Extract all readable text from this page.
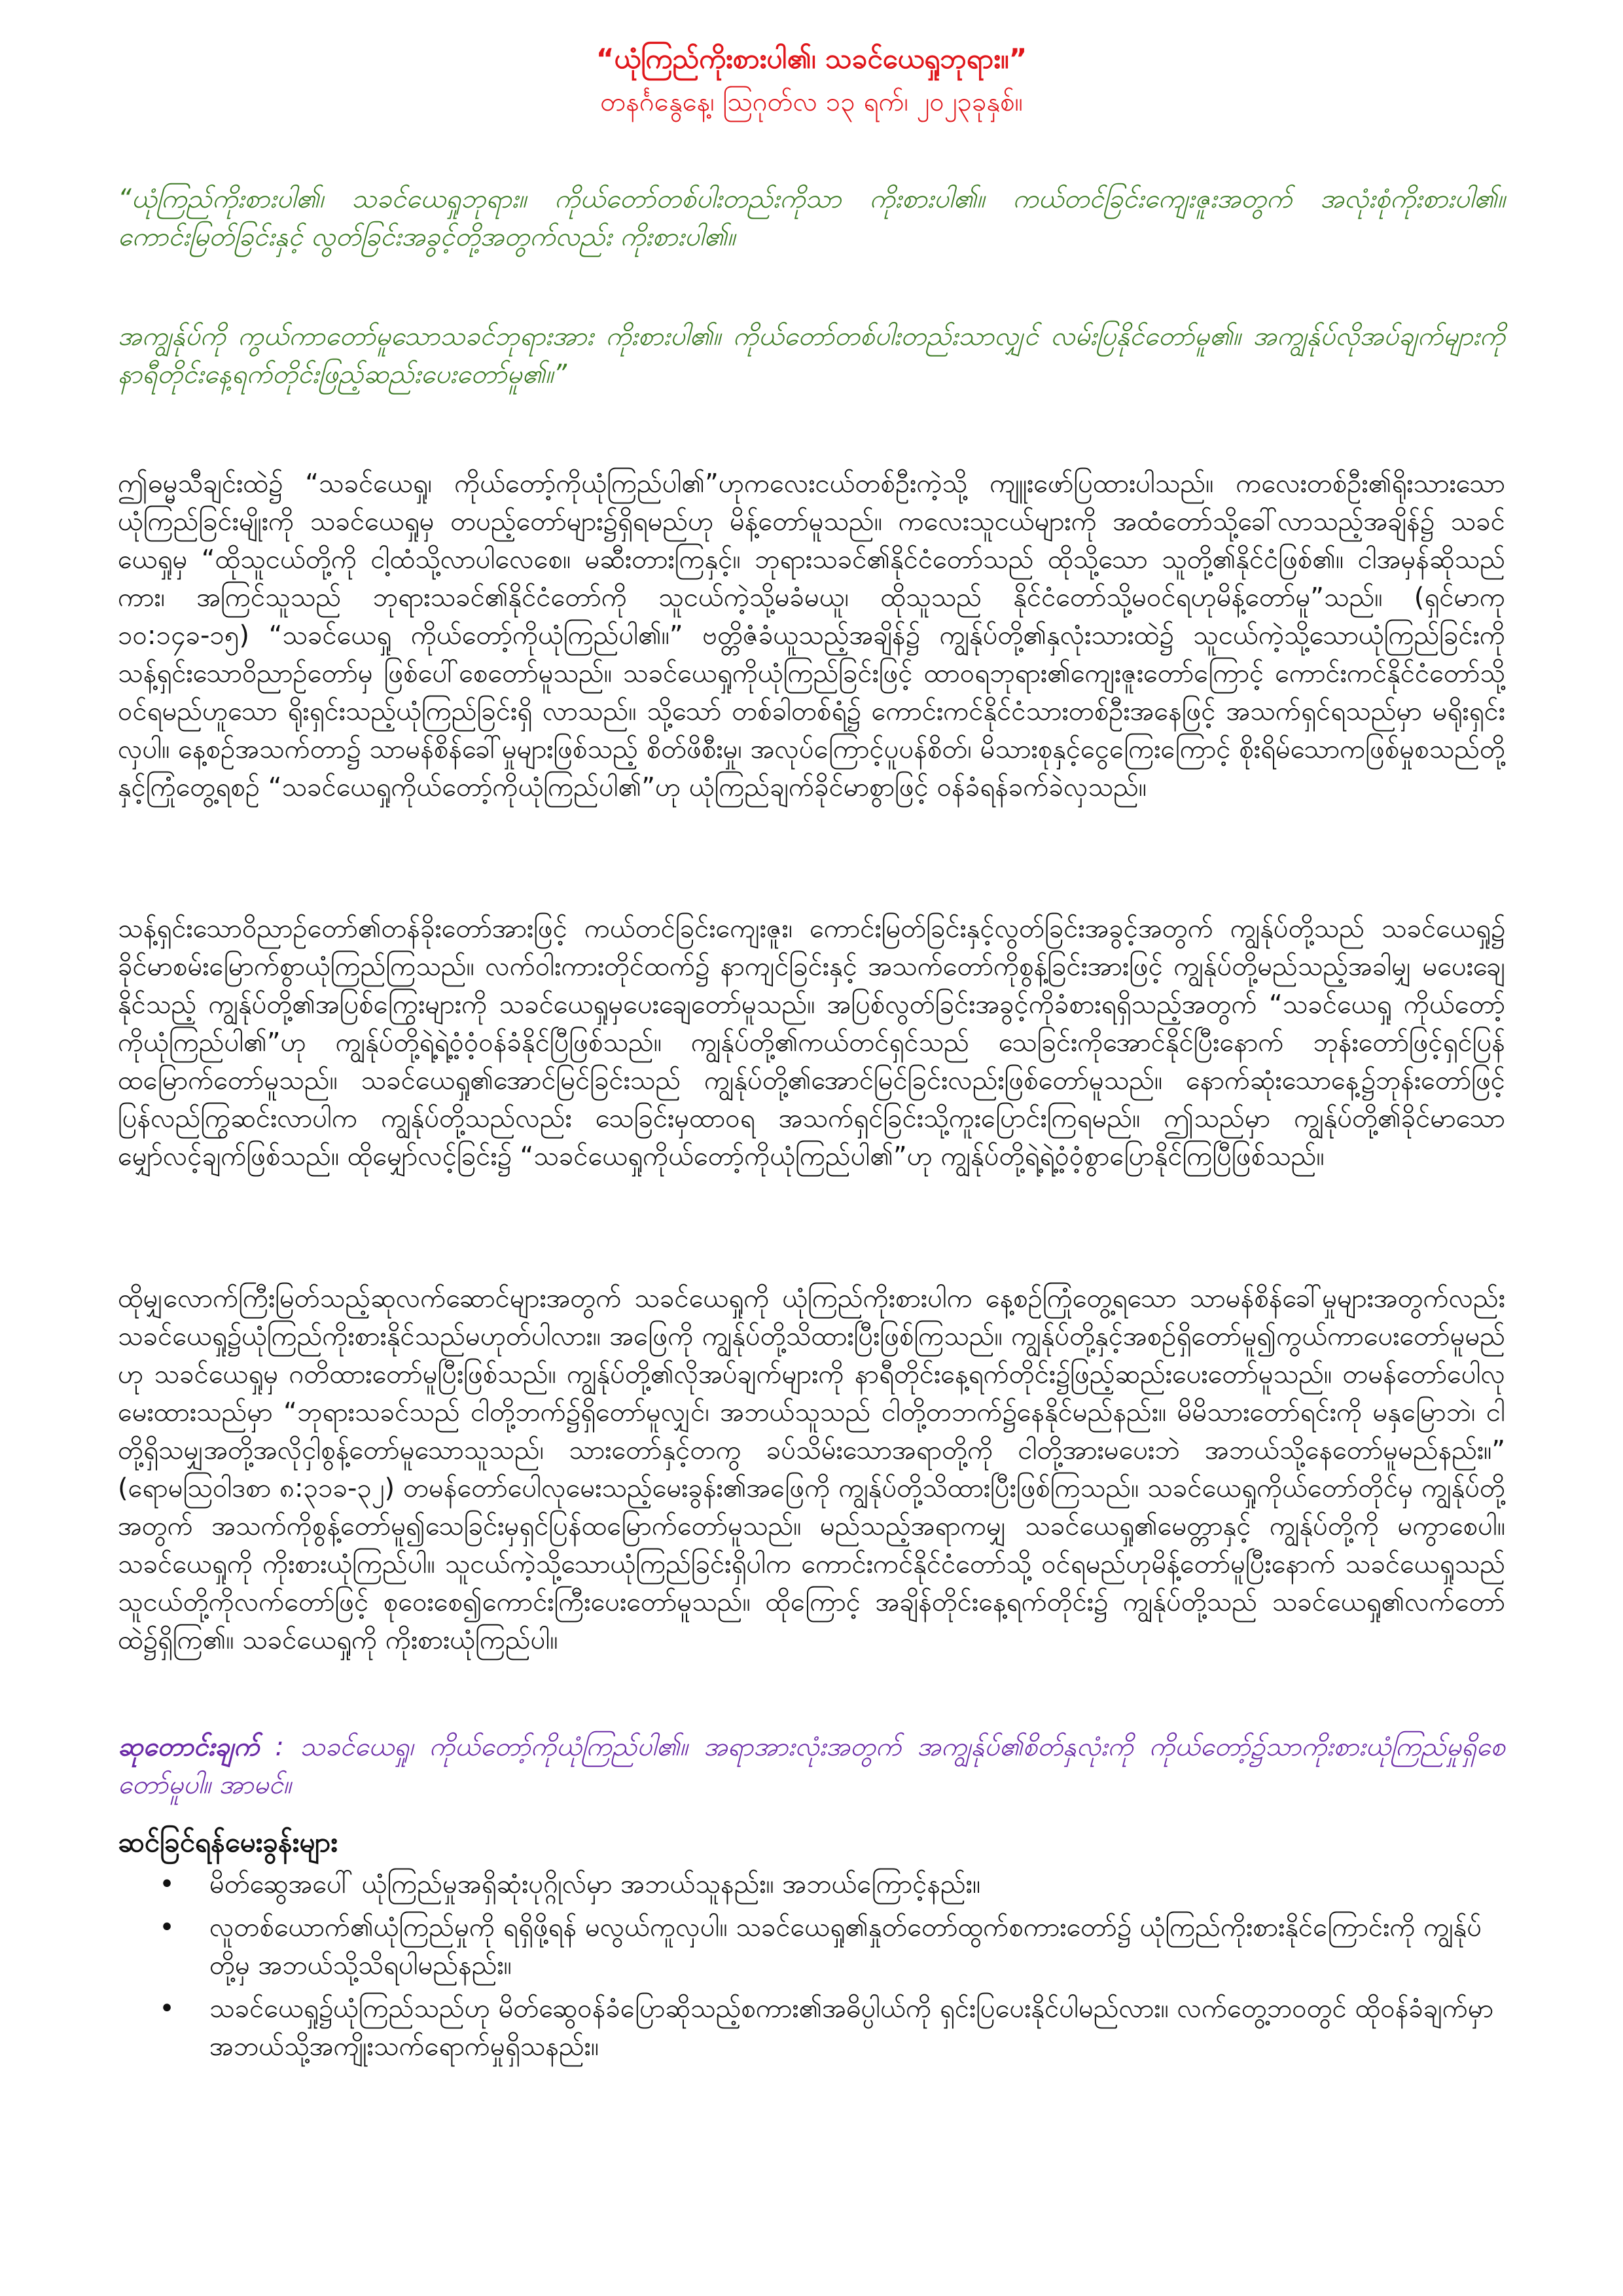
“ယုံကြည်ကိုးစားပါ၏၊ သခင်ယေရှုဘုရား။”
တနင်္ဂနွေနေ့၊ ဩဂုတ်လ ၁၃ ရက်၊ ၂၀၂၃ခုနှစ်။
“ယုံကြည်ကိုးစားပါ၏၊ သခင်ယေရှုဘုရား။ ကိုယ်တော်တစ်ပါးတည်းကိုသာ ကိုးစားပါ၏။ ကယ်တင်ခြင်းကျေးဇူးအတွက် အလုံးစုံကိုးစားပါ၏။ ကောင်းမြတ်ခြင်းနှင့် လွတ်ခြင်းအခွင့်တို့အတွက်လည်း ကိုးစားပါ၏။
အကျွန်ုပ်ကို ကွယ်ကာတော်မူသောသခင်ဘုရားအား ကိုးစားပါ၏။ ကိုယ်တော်တစ်ပါးတည်းသာလျှင် လမ်းပြနိုင်တော်မူ၏။ အကျွန်ုပ်လိုအပ်ချက်များကို နာရီတိုင်းနေ့ရက်တိုင်းဖြည့်ဆည်းပေးတော်မူ၏။”
ဤဓမ္မသီချင်းထဲ၌ “သခင်ယေရှု၊ ကိုယ်တော့်ကိုယုံကြည်ပါ၏”ဟုကလေးငယ်တစ်ဦးကဲ့သို့ ကျူးဖော်ပြထားပါသည်။ ကလေးတစ်ဦး၏ရိုးသားသောယုံကြည်ခြင်းမျိုးကို သခင်ယေရှုမှ တပည့်တော်များ၌ရှိရမည်ဟု မိန့်တော်မူသည်။ ကလေးသူငယ်များကို အထံတော်သို့ခေါ်လာသည့်အချိန်၌ သခင်ယေရှုမှ “ထိုသူငယ်တို့ကို ငါ့ထံသို့လာပါလေစေ။ မဆီးတားကြနှင့်။ ဘုရားသခင်၏နိုင်ငံတော်သည် ထိုသို့သော သူတို့၏နိုင်ငံဖြစ်၏။ ငါအမှန်ဆိုသည်ကား၊ အကြင်သူသည် ဘုရားသခင်၏နိုင်ငံတော်ကို သူငယ်ကဲ့သို့မခံမယူ၊ ထိုသူသည် နိုင်ငံတော်သို့မဝင်ရဟုမိန့်တော်မူ”သည်။ (ရှင်မာကု ၁၀:၁၄ခ-၁၅) “သခင်ယေရှု ကိုယ်တော့်ကိုယုံကြည်ပါ၏။” ဗတ္တိဇံခံယူသည့်အချိန်၌ ကျွန်ုပ်တို့၏နှလုံးသားထဲ၌ သူငယ်ကဲ့သို့သောယုံကြည်ခြင်းကို သန့်ရှင်းသောဝိညာဉ်တော်မှ ဖြစ်ပေါ်စေတော်မူသည်။ သခင်ယေရှုကိုယုံကြည်ခြင်းဖြင့် ထာဝရဘုရား၏ကျေးဇူးတော်ကြောင့် ကောင်းကင်နိုင်ငံတော်သို့ဝင်ရမည်ဟူသော ရိုးရှင်းသည့်ယုံကြည်ခြင်းရှိ လာသည်။ သို့သော် တစ်ခါတစ်ရံ၌ ကောင်းကင်နိုင်ငံသားတစ်ဦးအနေဖြင့် အသက်ရှင်ရသည်မှာ မရိုးရှင်းလှပါ။ နေ့စဉ်အသက်တာ၌ သာမန်စိန်ခေါ်မှုများဖြစ်သည့် စိတ်ဖိစီးမှု၊ အလုပ်ကြောင့်ပူပန်စိတ်၊ မိသားစုနှင့်ငွေကြေးကြောင့် စိုးရိမ်သောကဖြစ်မှုစသည်တို့နှင့်ကြုံတွေ့ရစဉ် “သခင်ယေရှုကိုယ်တော့်ကိုယုံကြည်ပါ၏”ဟု ယုံကြည်ချက်ခိုင်မာစွာဖြင့် ဝန်ခံရန်ခက်ခဲလှသည်။
သန့်ရှင်းသောဝိညာဉ်တော်၏တန်ခိုးတော်အားဖြင့် ကယ်တင်ခြင်းကျေးဇူး၊ ကောင်းမြတ်ခြင်းနှင့်လွတ်ခြင်းအခွင့်အတွက် ကျွန်ုပ်တို့သည် သခင်ယေရှု၌ ခိုင်မာစမ်းမြောက်စွာယုံကြည်ကြသည်။ လက်ဝါးကားတိုင်ထက်၌ နာကျင်ခြင်းနှင့် အသက်တော်ကိုစွန့်ခြင်းအားဖြင့် ကျွန်ုပ်တို့မည်သည့်အခါမျှ မပေးချေနိုင်သည့် ကျွန်ုပ်တို့၏အပြစ်ကြွေးများကို သခင်ယေရှုမှပေးချေတော်မူသည်။ အပြစ်လွတ်ခြင်းအခွင့်ကိုခံစားရရှိသည့်အတွက် “သခင်ယေရှု ကိုယ်တော့်ကိုယုံကြည်ပါ၏”ဟု ကျွန်ုပ်တို့ရဲ့ရဲ့ဝံ့ဝံ့ဝန်ခံနိုင်ပြီဖြစ်သည်။ ကျွန်ုပ်တို့၏ကယ်တင်ရှင်သည် သေခြင်းကိုအောင်နိုင်ပြီးနောက် ဘုန်းတော်ဖြင့်ရှင်ပြန်ထမြောက်တော်မူသည်။ သခင်ယေရှု၏အောင်မြင်ခြင်းသည် ကျွန်ုပ်တို့၏အောင်မြင်ခြင်းလည်းဖြစ်တော်မူသည်။ နောက်ဆုံးသောနေ့၌ဘုန်းတော်ဖြင့်ပြန်လည်ကြွဆင်းလာပါက ကျွန်ုပ်တို့သည်လည်း သေခြင်းမှထာဝရ အသက်ရှင်ခြင်းသို့ကူးပြောင်းကြရမည်။ ဤသည်မှာ ကျွန်ုပ်တို့၏ခိုင်မာသောမျှော်လင့်ချက်ဖြစ်သည်။ ထိုမျှော်လင့်ခြင်း၌ “သခင်ယေရှုကိုယ်တော့်ကိုယုံကြည်ပါ၏”ဟု ကျွန်ုပ်တို့ရဲ့ရဲ့ဝံ့ဝံ့စွာပြောနိုင်ကြပြီဖြစ်သည်။
ထိုမျှလောက်ကြီးမြတ်သည့်ဆုလက်ဆောင်များအတွက် သခင်ယေရှုကို ယုံကြည်ကိုးစားပါက နေ့စဉ်ကြုံတွေ့ရသော သာမန်စိန်ခေါ်မှုများအတွက်လည်း သခင်ယေရှု၌ယုံကြည်ကိုးစားနိုင်သည်မဟုတ်ပါလား။ အဖြေကို ကျွန်ုပ်တို့သိထားပြီးဖြစ်ကြသည်။ ကျွန်ုပ်တို့နှင့်အစဉ်ရှိတော်မူ၍ကွယ်ကာပေးတော်မူမည်ဟု သခင်ယေရှုမှ ဂတိထားတော်မူပြီးဖြစ်သည်။ ကျွန်ုပ်တို့၏လိုအပ်ချက်များကို နာရီတိုင်းနေ့ရက်တိုင်း၌ဖြည့်ဆည်းပေးတော်မူသည်။ တမန်တော်ပေါလုမေးထားသည်မှာ “ဘုရားသခင်သည် ငါတို့ဘက်၌ရှိတော်မူလျှင်၊ အဘယ်သူသည် ငါတို့တဘက်၌နေနိုင်မည်နည်း။ မိမိသားတော်ရင်းကို မနှမြောဘဲ၊ ငါတို့ရှိသမျှအတို့အလိုငှါစွန့်တော်မူသောသူသည်၊ သားတော်နှင့်တကွ ခပ်သိမ်းသောအရာတို့ကို ငါတို့အားမပေးဘဲ အဘယ်သို့နေတော်မူမည်နည်း။” (ရောမသြဝါဒစာ ၈:၃၁ခ-၃၂) တမန်တော်ပေါလုမေးသည့်မေးခွန်း၏အဖြေကို ကျွန်ုပ်တို့သိထားပြီးဖြစ်ကြသည်။ သခင်ယေရှုကိုယ်တော်တိုင်မှ ကျွန်ုပ်တို့အတွက် အသက်ကိုစွန့်တော်မူ၍သေခြင်းမှရှင်ပြန်ထမြောက်တော်မူသည်။ မည်သည့်အရာကမျှ သခင်ယေရှု၏မေတ္တာနှင့် ကျွန်ုပ်တို့ကို မကွာစေပါ။ သခင်ယေရှုကို ကိုးစားယုံကြည်ပါ။ သူငယ်ကဲ့သို့သောယုံကြည်ခြင်းရှိပါက ကောင်းကင်နိုင်ငံတော်သို့ ဝင်ရမည်ဟုမိန့်တော်မူပြီးနောက် သခင်ယေရှုသည် သူငယ်တို့ကိုလက်တော်ဖြင့် စုဝေးစေ၍ကောင်းကြီးပေးတော်မူသည်။ ထိုကြောင့် အချိန်တိုင်းနေ့ရက်တိုင်း၌ ကျွန်ုပ်တို့သည် သခင်ယေရှု၏လက်တော်ထဲ၌ရှိကြ၏။ သခင်ယေရှုကို ကိုးစားယုံကြည်ပါ။
ဆုတောင်းချက် : သခင်ယေရှု၊ ကိုယ်တော့်ကိုယုံကြည်ပါ၏။ အရာအားလုံးအတွက် အကျွန်ုပ်၏စိတ်နှလုံးကို ကိုယ်တော့်၌သာကိုးစားယုံကြည်မှုရှိစေတော်မူပါ။ အာမင်။
ဆင်ခြင်ရန်မေးခွန်းများ
• မိတ်ဆွေအပေါ် ယုံကြည်မှုအရှိဆုံးပုဂ္ဂိုလ်မှာ အဘယ်သူနည်း။ အဘယ်ကြောင့်နည်း။
• လူတစ်ယောက်၏ယုံကြည်မှုကို ရရှိဖို့ရန် မလွယ်ကူလှပါ။ သခင်ယေရှု၏နှုတ်တော်ထွက်စကားတော်၌ ယုံကြည်ကိုးစားနိုင်ကြောင်းကို ကျွန်ုပ်တို့မှ အဘယ်သို့သိရပါမည်နည်း။
• သခင်ယေရှု၌ယုံကြည်သည်ဟု မိတ်ဆွေဝန်ခံပြောဆိုသည့်စကား၏အဓိပ္ပါယ်ကို ရှင်းပြပေးနိုင်ပါမည်လား။ လက်တွေ့ဘဝတွင် ထိုဝန်ခံချက်မှာ အဘယ်သို့အကျိုးသက်ရောက်မှုရှိသနည်း။
